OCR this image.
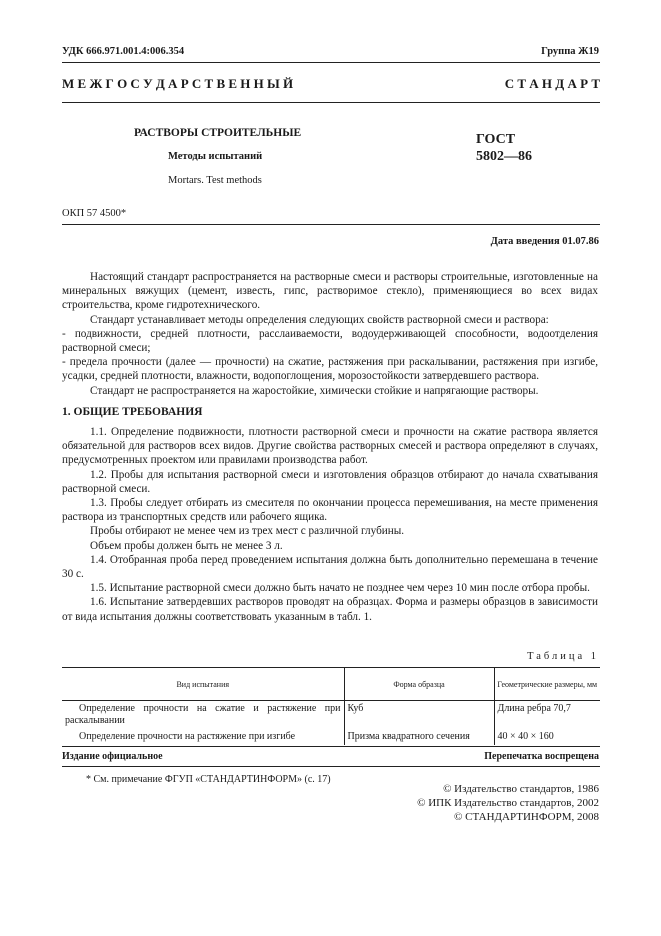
УДК 666.971.001.4:006.354	Группа Ж19
М Е Ж Г О С У Д А Р С Т В Е Н Н Ы Й	С Т А Н Д А Р Т
РАСТВОРЫ СТРОИТЕЛЬНЫЕ
Методы испытаний
Mortars. Test methods
ГОСТ
5802—86
ОКП 57 4500*
Дата введения 01.07.86

Настоящий стандарт распространяется на растворные смеси и растворы строительные, изготовленные на минеральных вяжущих (цемент, известь, гипс, растворимое стекло), применяющиеся во всех видах строительства, кроме гидротехнического.

Стандарт устанавливает методы определения следующих свойств растворной смеси и раствора:

- подвижности, средней плотности, расслаиваемости, водоудерживающей способности, водоотделения растворной смеси;

- предела прочности (далее — прочности) на сжатие, растяжения при раскалывании, растяжения при изгибе, усадки, средней плотности, влажности, водопоглощения, морозостойкости затвердевшего раствора.

Стандарт не распространяется на жаростойкие, химически стойкие и напрягающие растворы.

1. ОБЩИЕ ТРЕБОВАНИЯ

1.1. Определение подвижности, плотности растворной смеси и прочности на сжатие раствора является обязательной для растворов всех видов. Другие свойства растворных смесей и раствора определяют в случаях, предусмотренных проектом или правилами производства работ.

1.2. Пробы для испытания растворной смеси и изготовления образцов отбирают до начала схватывания растворной смеси.

1.3. Пробы следует отбирать из смесителя по окончании процесса перемешивания, на месте применения раствора из транспортных средств или рабочего ящика.

Пробы отбирают не менее чем из трех мест с различной глубины.

Объем пробы должен быть не менее 3 л.

1.4. Отобранная проба перед проведением испытания должна быть дополнительно перемешана в течение 30 с.

1.5. Испытание растворной смеси должно быть начато не позднее чем через 10 мин после отбора пробы.

1.6. Испытание затвердевших растворов проводят на образцах. Форма и размеры образцов в зависимости от вида испытания должны соответствовать указанным в табл. 1.

Таблица 1
Вид испытания	Форма образца	Геометрические размеры, мм
Определение прочности на сжатие и растяжение при раскалывании	Куб	Длина ребра 70,7
Определение прочности на растяжение при изгибе	Призма квадратного сечения	40 × 40 × 160
Издание официальное	Перепечатка воспрещена
* См. примечание ФГУП «СТАНДАРТИНФОРМ» (с. 17)
© Издательство стандартов, 1986
© ИПК Издательство стандартов, 2002
© СТАНДАРТИНФОРМ, 2008
